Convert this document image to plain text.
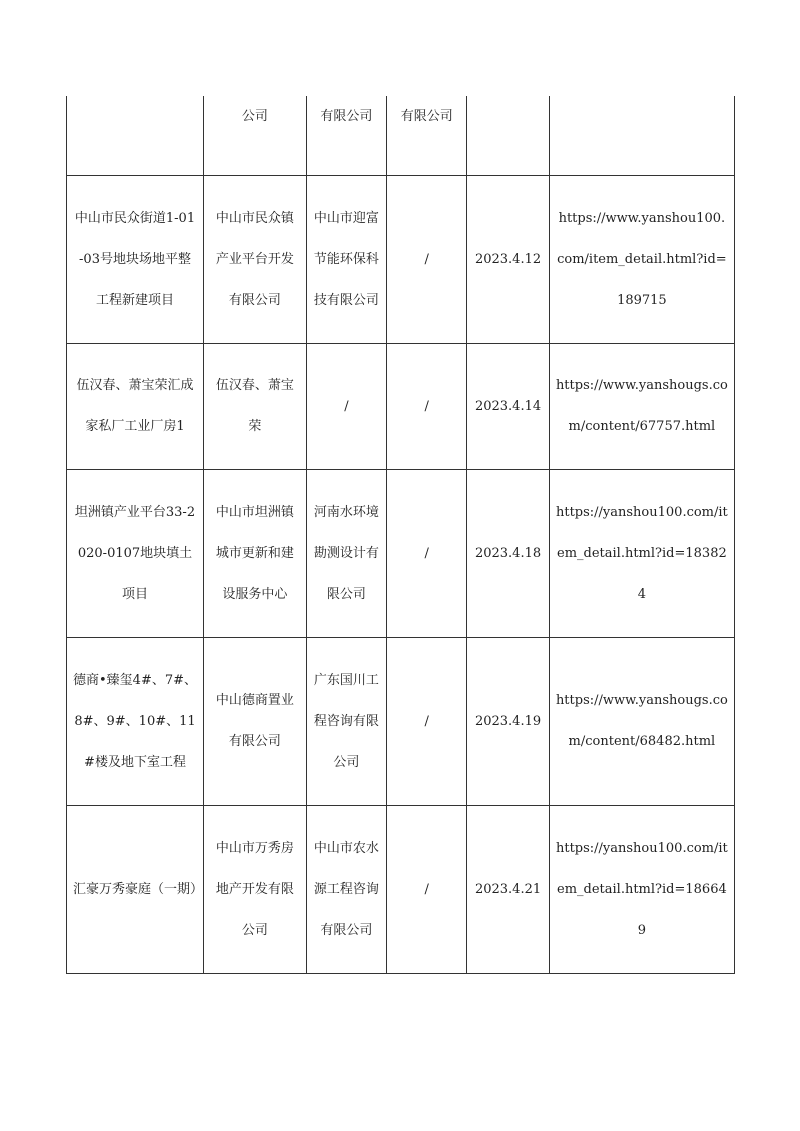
	公司	有限公司	有限公司		

中山市民众街道1-01-03号地块场地平整工程新建项目	中山市民众镇产业平台开发有限公司	中山市迎富节能环保科技有限公司	/	2023.4.12	https://www.yanshou100.com/item_detail.html?id=189715

伍汉春、萧宝荣汇成家私厂工业厂房1	伍汉春、萧宝荣	/	/	2023.4.14	https://www.yanshougs.com/content/67757.html

坦洲镇产业平台33-2020-0107地块填土项目	中山市坦洲镇城市更新和建设服务中心	河南水环境勘测设计有限公司	/	2023.4.18	https://yanshou100.com/item_detail.html?id=183824

德商•臻玺4#、7#、8#、9#、10#、11#楼及地下室工程	中山德商置业有限公司	广东国川工程咨询有限公司	/	2023.4.19	https://www.yanshougs.com/content/68482.html

汇豪万秀豪庭（一期）	中山市万秀房地产开发有限公司	中山市农水源工程咨询有限公司	/	2023.4.21	https://yanshou100.com/item_detail.html?id=186649
